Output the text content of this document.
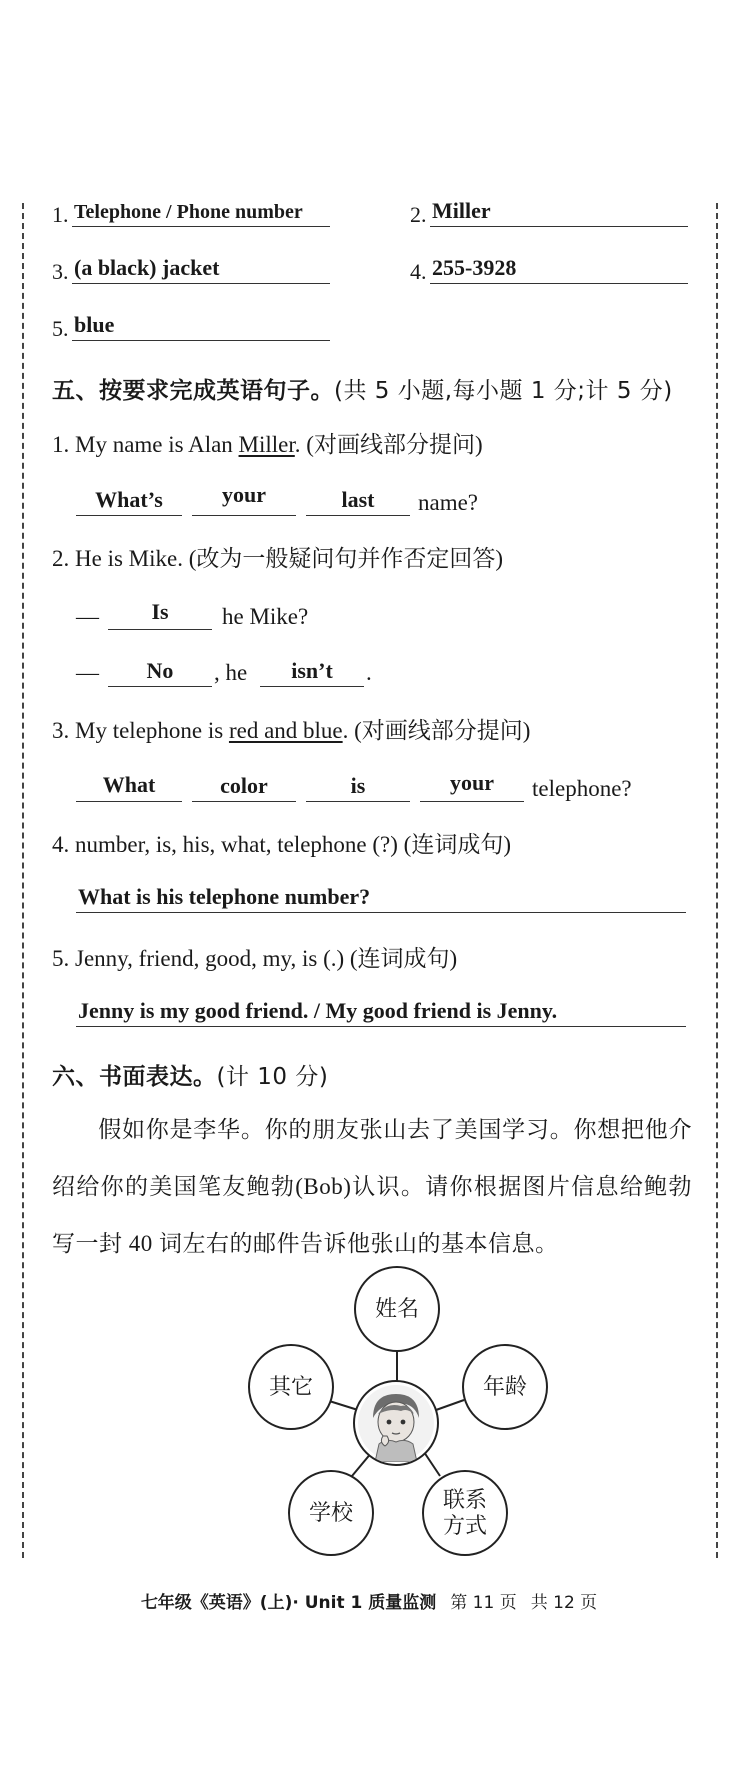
1. Telephone / Phone number	2. Miller
3. (a black) jacket	4. 255-3928
5. blue
五、按要求完成英语句子。(共 5 小题,每小题 1 分;计 5 分)
1. My name is Alan Miller. (对画线部分提问)
What’s	your	last	name?
2. He is Mike. (改为一般疑问句并作否定回答)
—	Is	he Mike?
—	No	, he	isn’t	.
3. My telephone is red and blue. (对画线部分提问)
What	color	is	your	telephone?
4. number, is, his, what, telephone (?) (连词成句)
What is his telephone number?
5. Jenny, friend, good, my, is (.) (连词成句)
Jenny is my good friend. / My good friend is Jenny.
六、书面表达。(计 10 分)
假如你是李华。你的朋友张山去了美国学习。你想把他介绍给你的美国笔友鲍勃(Bob)认识。请你根据图片信息给鲍勃写一封 40 词左右的邮件告诉他张山的基本信息。
姓名
年龄
联系
方式
学校
其它
七年级《英语》(上)· Unit 1 质量监测 第 11 页 共 12 页
